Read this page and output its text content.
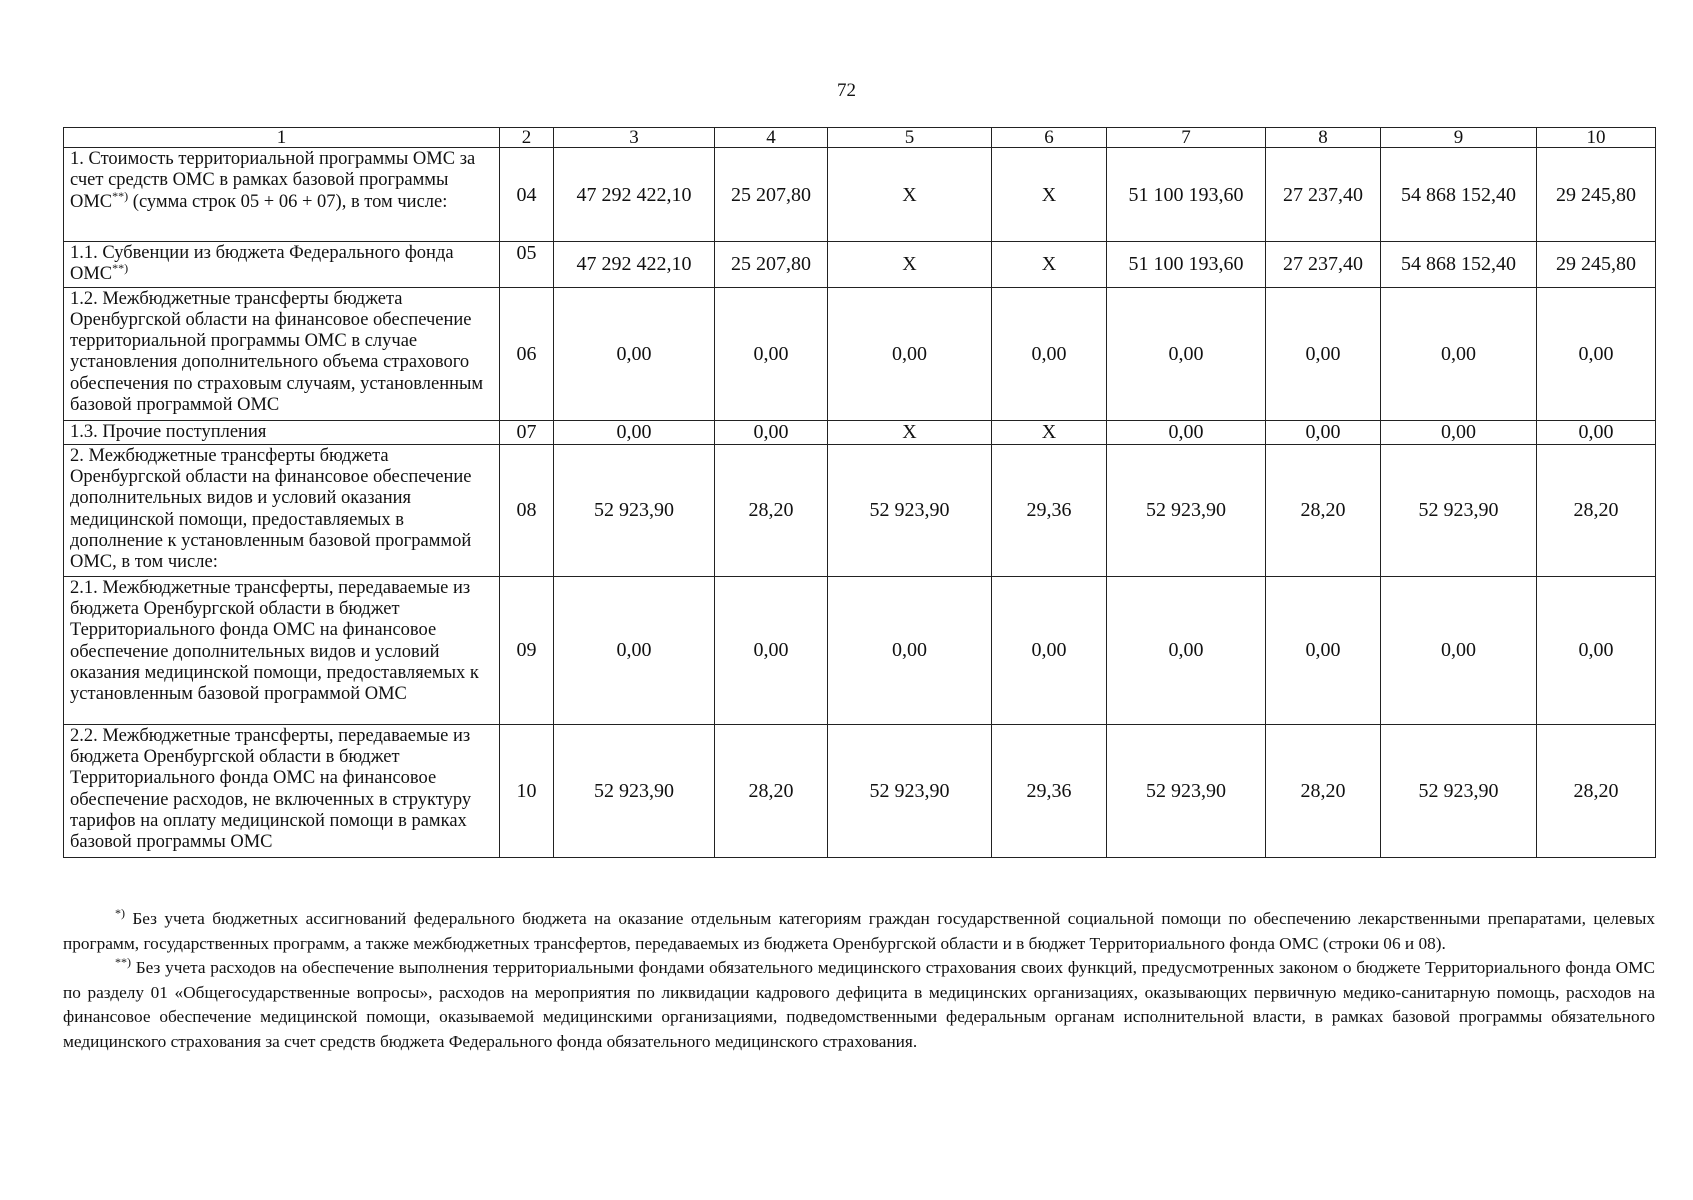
72
1	2	3	4	5	6	7	8	9	10
1. Стоимость территориальной программы ОМС за счет средств ОМС в рамках базовой программы ОМС**) (сумма строк 05 + 06 + 07), в том числе:	04	47 292 422,10	25 207,80	X	X	51 100 193,60	27 237,40	54 868 152,40	29 245,80
1.1. Субвенции из бюджета Федерального фонда ОМС**)	05	47 292 422,10	25 207,80	X	X	51 100 193,60	27 237,40	54 868 152,40	29 245,80
1.2. Межбюджетные трансферты бюджета Оренбургской области на финансовое обеспечение территориальной программы ОМС в случае установления дополнительного объема страхового обеспечения по страховым случаям, установленным базовой программой ОМС	06	0,00	0,00	0,00	0,00	0,00	0,00	0,00	0,00
1.3. Прочие поступления	07	0,00	0,00	X	X	0,00	0,00	0,00	0,00
2. Межбюджетные трансферты бюджета Оренбургской области на финансовое обеспечение дополнительных видов и условий оказания медицинской помощи, предоставляемых в дополнение к установленным базовой программой ОМС, в том числе:	08	52 923,90	28,20	52 923,90	29,36	52 923,90	28,20	52 923,90	28,20
2.1. Межбюджетные трансферты, передаваемые из бюджета Оренбургской области в бюджет Территориального фонда ОМС на финансовое обеспечение дополнительных видов и условий оказания медицинской помощи, предоставляемых к установленным базовой программой ОМС	09	0,00	0,00	0,00	0,00	0,00	0,00	0,00	0,00
2.2. Межбюджетные трансферты, передаваемые из бюджета Оренбургской области в бюджет Территориального фонда ОМС на финансовое обеспечение расходов, не включенных в структуру тарифов на оплату медицинской помощи в рамках базовой программы ОМС	10	52 923,90	28,20	52 923,90	29,36	52 923,90	28,20	52 923,90	28,20

*) Без учета бюджетных ассигнований федерального бюджета на оказание отдельным категориям граждан государственной социальной помощи по обеспечению лекарственными препаратами, целевых программ, государственных программ, а также межбюджетных трансфертов, передаваемых из бюджета Оренбургской области и в бюджет Территориального фонда ОМС (строки 06 и 08).

**) Без учета расходов на обеспечение выполнения территориальными фондами обязательного медицинского страхования своих функций, предусмотренных законом о бюджете Территориального фонда ОМС по разделу 01 «Общегосударственные вопросы», расходов на мероприятия по ликвидации кадрового дефицита в медицинских организациях, оказывающих первичную медико-санитарную помощь, расходов на финансовое обеспечение медицинской помощи, оказываемой медицинскими организациями, подведомственными федеральным органам исполнительной власти, в рамках базовой программы обязательного медицинского страхования за счет средств бюджета Федерального фонда обязательного медицинского страхования.
